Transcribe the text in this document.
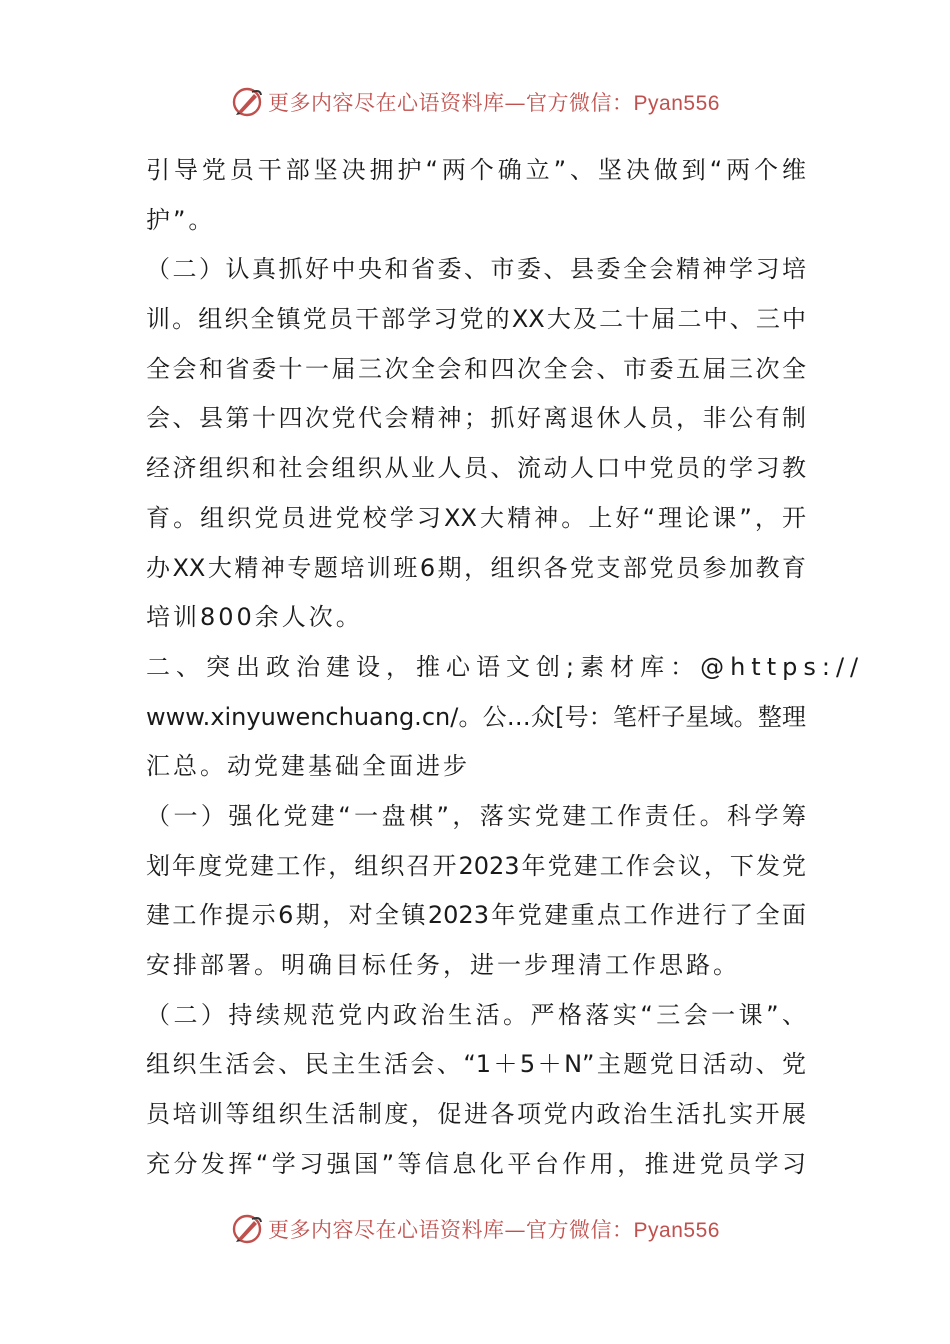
更多内容尽在心语资料库—官方微信：Pyan556
引导党员干部坚决拥护“两个确立”、坚决做到“两个维
护”。
（二）认真抓好中央和省委、市委、县委全会精神学习培
训。组织全镇党员干部学习党的XX大及二十届二中、三中
全会和省委十一届三次全会和四次全会、市委五届三次全
会、县第十四次党代会精神；抓好离退休人员，非公有制
经济组织和社会组织从业人员、流动人口中党员的学习教
育。组织党员进党校学习XX大精神。上好“理论课”，开
办XX大精神专题培训班6期，组织各党支部党员参加教育
培训800余人次。
二、突出政治建设，推心语文创;素材库：@https://
www.xinyuwenchuang.cn/。公…众[号：笔杆子星域。整理
汇总。动党建基础全面进步
（一）强化党建“一盘棋”，落实党建工作责任。科学筹
划年度党建工作，组织召开2023年党建工作会议，下发党
建工作提示6期，对全镇2023年党建重点工作进行了全面
安排部署。明确目标任务，进一步理清工作思路。
（二）持续规范党内政治生活。严格落实“三会一课”、
组织生活会、民主生活会、“1＋5＋N”主题党日活动、党
员培训等组织生活制度，促进各项党内政治生活扎实开展
充分发挥“学习强国”等信息化平台作用，推进党员学习
更多内容尽在心语资料库—官方微信：Pyan556
